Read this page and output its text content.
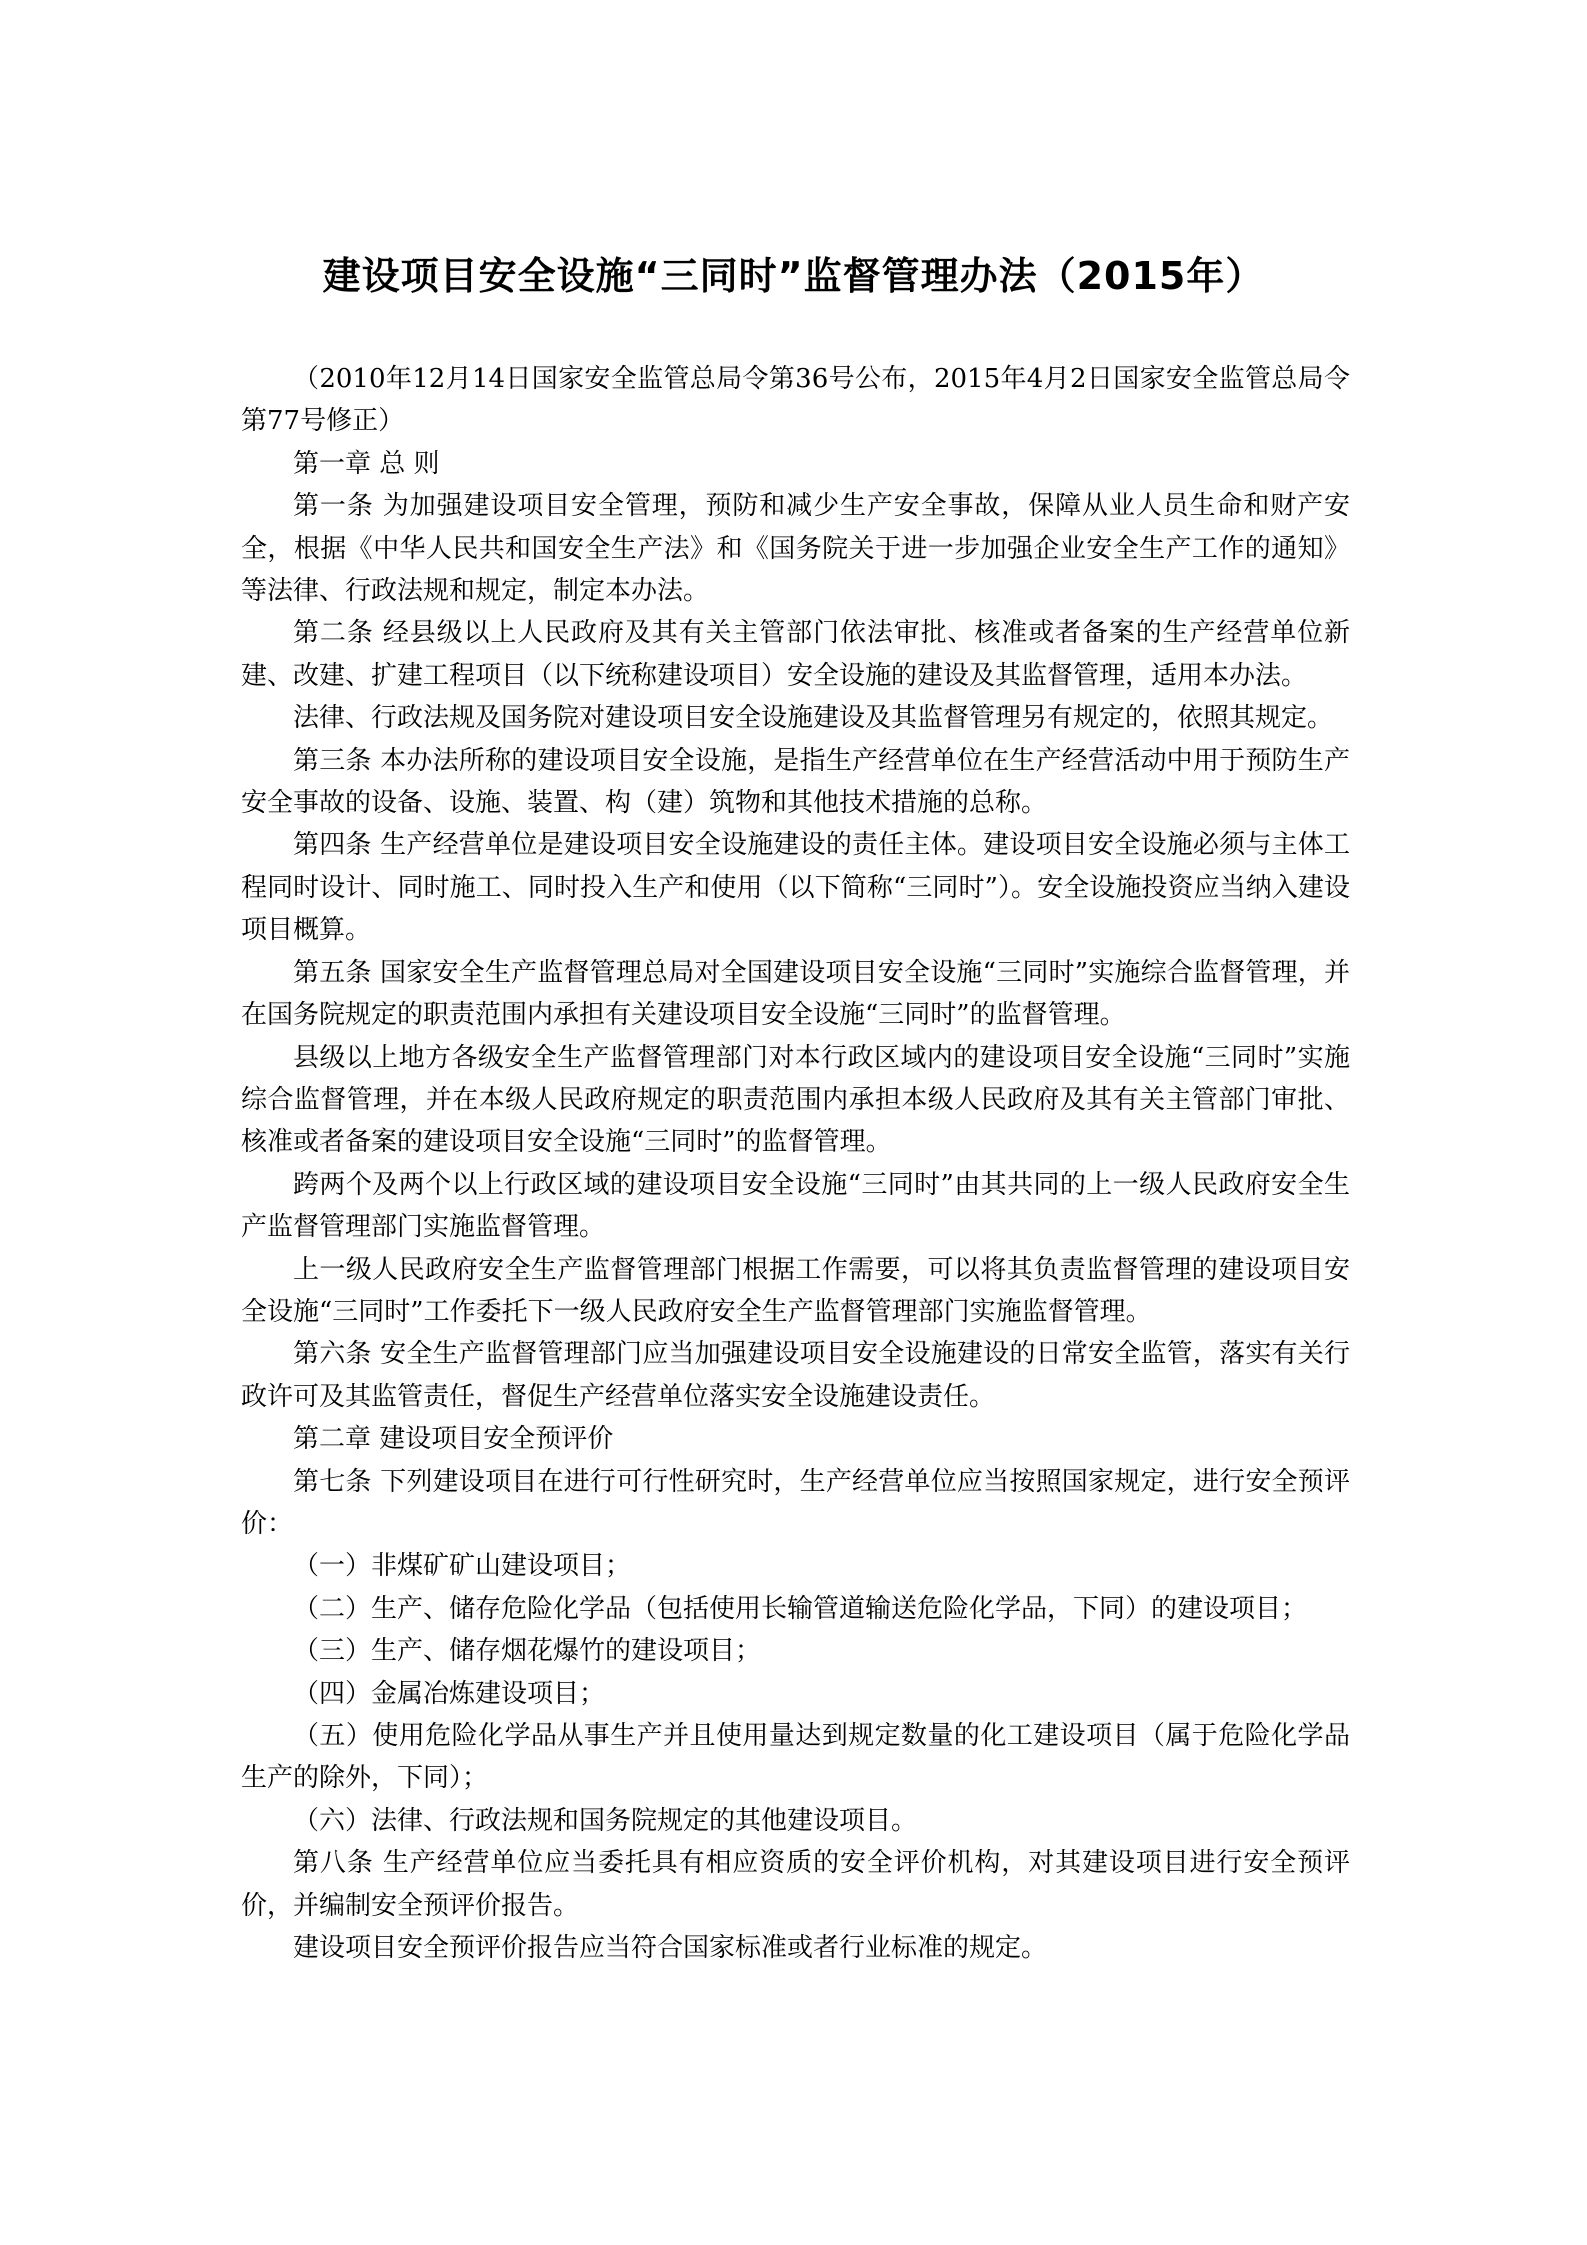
建设项目安全设施“三同时”监督管理办法（2015年）

（2010年12月14日国家安全监管总局令第36号公布，2015年4月2日国家安全监管总局令第77号修正）

第一章 总 则

第一条 为加强建设项目安全管理，预防和减少生产安全事故，保障从业人员生命和财产安全，根据《中华人民共和国安全生产法》和《国务院关于进一步加强企业安全生产工作的通知》等法律、行政法规和规定，制定本办法。

第二条 经县级以上人民政府及其有关主管部门依法审批、核准或者备案的生产经营单位新建、改建、扩建工程项目（以下统称建设项目）安全设施的建设及其监督管理，适用本办法。

法律、行政法规及国务院对建设项目安全设施建设及其监督管理另有规定的，依照其规定。

第三条 本办法所称的建设项目安全设施，是指生产经营单位在生产经营活动中用于预防生产安全事故的设备、设施、装置、构（建）筑物和其他技术措施的总称。

第四条 生产经营单位是建设项目安全设施建设的责任主体。建设项目安全设施必须与主体工程同时设计、同时施工、同时投入生产和使用（以下简称“三同时”）。安全设施投资应当纳入建设项目概算。

第五条 国家安全生产监督管理总局对全国建设项目安全设施“三同时”实施综合监督管理，并在国务院规定的职责范围内承担有关建设项目安全设施“三同时”的监督管理。

县级以上地方各级安全生产监督管理部门对本行政区域内的建设项目安全设施“三同时”实施综合监督管理，并在本级人民政府规定的职责范围内承担本级人民政府及其有关主管部门审批、核准或者备案的建设项目安全设施“三同时”的监督管理。

跨两个及两个以上行政区域的建设项目安全设施“三同时”由其共同的上一级人民政府安全生产监督管理部门实施监督管理。

上一级人民政府安全生产监督管理部门根据工作需要，可以将其负责监督管理的建设项目安全设施“三同时”工作委托下一级人民政府安全生产监督管理部门实施监督管理。

第六条 安全生产监督管理部门应当加强建设项目安全设施建设的日常安全监管，落实有关行政许可及其监管责任，督促生产经营单位落实安全设施建设责任。

第二章 建设项目安全预评价

第七条 下列建设项目在进行可行性研究时，生产经营单位应当按照国家规定，进行安全预评价：

（一）非煤矿矿山建设项目；

（二）生产、储存危险化学品（包括使用长输管道输送危险化学品，下同）的建设项目；

（三）生产、储存烟花爆竹的建设项目；

（四）金属冶炼建设项目；

（五）使用危险化学品从事生产并且使用量达到规定数量的化工建设项目（属于危险化学品生产的除外，下同）；

（六）法律、行政法规和国务院规定的其他建设项目。

第八条 生产经营单位应当委托具有相应资质的安全评价机构，对其建设项目进行安全预评价，并编制安全预评价报告。

建设项目安全预评价报告应当符合国家标准或者行业标准的规定。
